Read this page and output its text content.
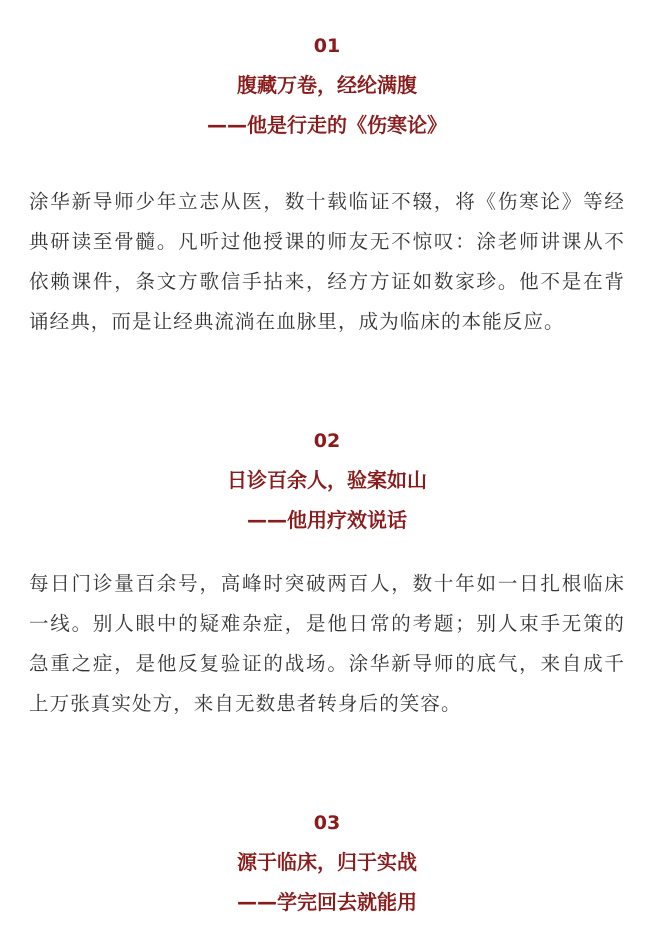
01
腹藏万卷，经纶满腹
——他是行走的《伤寒论》

涂华新导师少年立志从医，数十载临证不辍，将《伤寒论》等经典研读至骨髓。凡听过他授课的师友无不惊叹：涂老师讲课从不依赖课件，条文方歌信手拈来，经方方证如数家珍。他不是在背诵经典，而是让经典流淌在血脉里，成为临床的本能反应。

02
日诊百余人，验案如山
——他用疗效说话

每日门诊量百余号，高峰时突破两百人，数十年如一日扎根临床一线。别人眼中的疑难杂症，是他日常的考题；别人束手无策的急重之症，是他反复验证的战场。涂华新导师的底气，来自成千上万张真实处方，来自无数患者转身后的笑容。

03
源于临床，归于实战
——学完回去就能用
